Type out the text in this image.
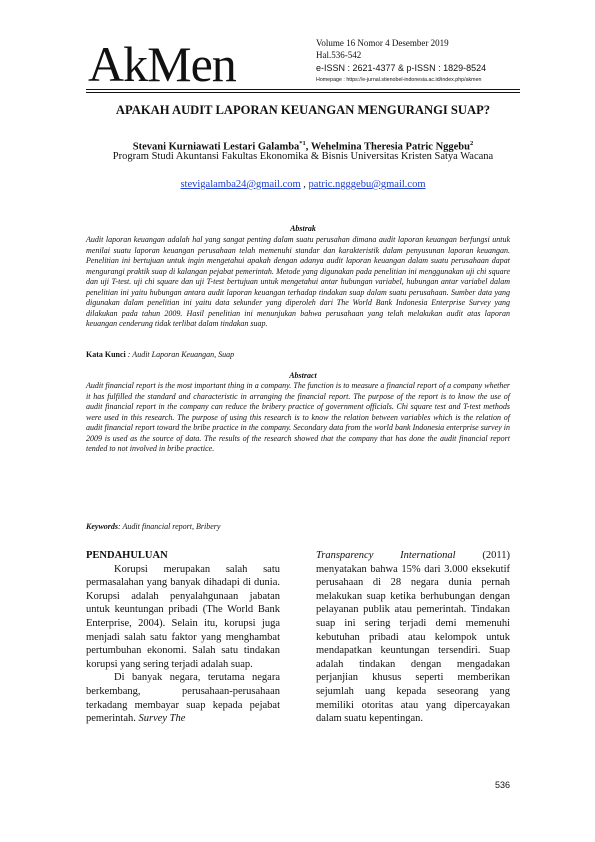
AkMen	Volume 16 Nomor 4 Desember 2019
Hal.536-542
e-ISSN : 2621-4377 & p-ISSN : 1829-8524
Homepage : https://e-jurnal.stienobel-indonesia.ac.id/index.php/akmen
APAKAH AUDIT LAPORAN KEUANGAN MENGURANGI SUAP?
Stevani Kurniawati Lestari Galamba$^{*1}$, Wehelmina Theresia Patric Nggebu$^2$
Program Studi Akuntansi Fakultas Ekonomika & Bisnis Universitas Kristen Satya Wacana
stevigalamba24@gmail.com , patric.ngggebu@gmail.com
Abstrak
Audit laporan keuangan adalah hal yang sangat penting dalam suatu perusahan dimana audit laporan keuangan berfungsi untuk menilai suatu laporan keuangan perusahaan telah memenuhi standar dan karakteristik dalam penyusunan laporan keuangan. Penelitian ini bertujuan untuk ingin mengetahui apakah dengan adanya audit laporan keuangan dalam suatu perusahaan dapat mengurangi praktik suap di kalangan pejabat pemerintah. Metode yang digunakan pada penelitian ini menggunakan uji chi square dan uji T-test. uji chi square dan uji T-test bertujuan untuk mengetahui antar hubungan variabel, hubungan antar variabel dalam penelitian ini yaitu hubungan antara audit laporan keuangan terhadap tindakan suap dalam suatu perusahaan. Sumber data yang digunakan dalam penelitian ini yaitu data sekunder yang diperoleh dari The World Bank Indonesia Enterprise Survey yang dilakukan pada tahun 2009. Hasil penelitian ini menunjukan bahwa perusahaan yang telah melakukan audit atas laporan keuangan cenderung tidak terlibat dalam tindakan suap.
Kata Kunci : Audit Laporan Keuangan, Suap
Abstract
Audit financial report is the most important thing in a company. The function is to measure a financial report of a company whether it has fulfilled the standard and characteristic in arranging the financial report. The purpose of the report is to know the use of audit financial report in the company can reduce the bribery practice of government officials. Chi square test and T-test methods were used in this research. The purpose of using this research is to know the relation between variables which is the relation of audit financial report toward the bribe practice in the company. Secondary data from the world bank Indonesia enterprise survey in 2009 is used as the source of data. The results of the research showed that the company that has done the audit financial report tended to not involved in bribe practice.
Keywords: Audit financial report, Bribery
PENDAHULUAN

Korupsi merupakan salah satu permasalahan yang banyak dihadapi di dunia. Korupsi adalah penyalahgunaan jabatan untuk keuntungan pribadi (The World Bank Enterprise, 2004). Selain itu, korupsi juga menjadi salah satu faktor yang menghambat pertumbuhan ekonomi. Salah satu tindakan korupsi yang sering terjadi adalah suap.

Di banyak negara, terutama negara berkembang, perusahaan-perusahaan terkadang membayar suap kepada pejabat pemerintah. Survey The

Transparency International (2011) menyatakan bahwa 15% dari 3.000 eksekutif perusahaan di 28 negara dunia pernah melakukan suap ketika berhubungan dengan pelayanan publik atau pemerintah. Tindakan suap ini sering terjadi demi memenuhi kebutuhan pribadi atau kelompok untuk mendapatkan keuntungan tersendiri. Suap adalah tindakan dengan mengadakan perjanjian khusus seperti memberikan sejumlah uang kepada seseorang yang memiliki otoritas atau yang dipercayakan dalam suatu kepentingan.

536
